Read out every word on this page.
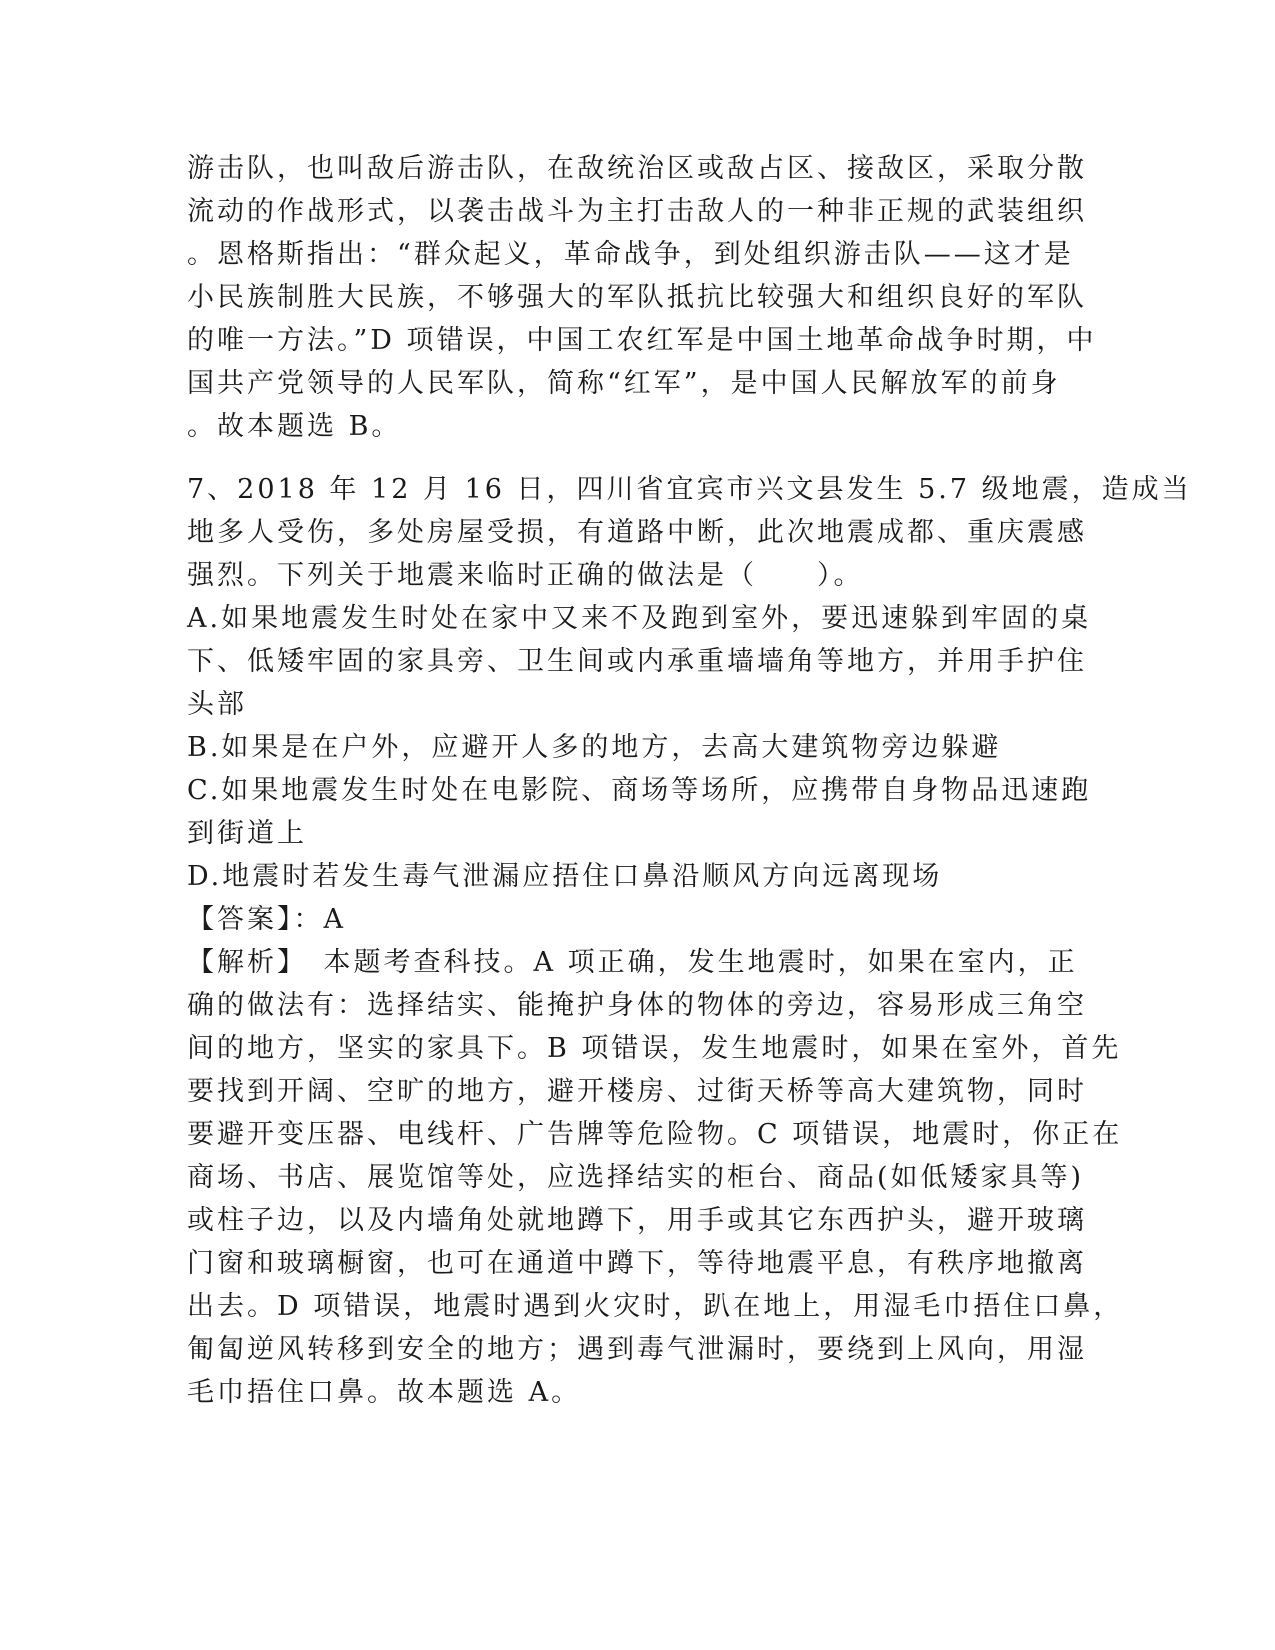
游击队，也叫敌后游击队，在敌统治区或敌占区、接敌区，采取分散
流动的作战形式，以袭击战斗为主打击敌人的一种非正规的武装组织
。恩格斯指出：“群众起义，革命战争，到处组织游击队——这才是
小民族制胜大民族，不够强大的军队抵抗比较强大和组织良好的军队
的唯一方法。”D 项错误，中国工农红军是中国土地革命战争时期，中
国共产党领导的人民军队，简称“红军”，是中国人民解放军的前身
。故本题选 B。
7、2018 年 12 月 16 日，四川省宜宾市兴文县发生 5.7 级地震，造成当
地多人受伤，多处房屋受损，有道路中断，此次地震成都、重庆震感
强烈。下列关于地震来临时正确的做法是（　　）。
A.如果地震发生时处在家中又来不及跑到室外，要迅速躲到牢固的桌
下、低矮牢固的家具旁、卫生间或内承重墙墙角等地方，并用手护住
头部
B.如果是在户外，应避开人多的地方，去高大建筑物旁边躲避
C.如果地震发生时处在电影院、商场等场所，应携带自身物品迅速跑
到街道上
D.地震时若发生毒气泄漏应捂住口鼻沿顺风方向远离现场
【答案】：A
【解析】　本题考查科技。A 项正确，发生地震时，如果在室内，正
确的做法有：选择结实、能掩护身体的物体的旁边，容易形成三角空
间的地方，坚实的家具下。B 项错误，发生地震时，如果在室外，首先
要找到开阔、空旷的地方，避开楼房、过街天桥等高大建筑物，同时
要避开变压器、电线杆、广告牌等危险物。C 项错误，地震时，你正在
商场、书店、展览馆等处，应选择结实的柜台、商品(如低矮家具等)
或柱子边，以及内墙角处就地蹲下，用手或其它东西护头，避开玻璃
门窗和玻璃橱窗，也可在通道中蹲下，等待地震平息，有秩序地撤离
出去。D 项错误，地震时遇到火灾时，趴在地上，用湿毛巾捂住口鼻，
匍匐逆风转移到安全的地方；遇到毒气泄漏时，要绕到上风向，用湿
毛巾捂住口鼻。故本题选 A。
